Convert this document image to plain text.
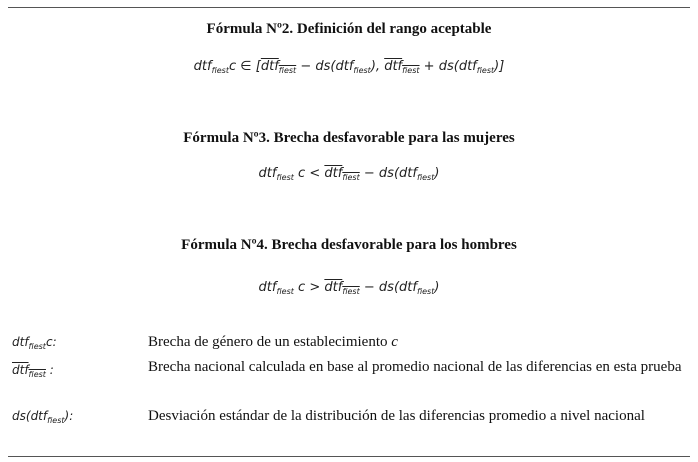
Fórmula Nº2. Definición del rango aceptable
dtf$_{fiest}$c ∈ [dtf$_{fiest}$ − ds(dtf$_{fiest}$), dtf$_{fiest}$ + ds(dtf$_{fiest}$)]
Fórmula Nº3. Brecha desfavorable para las mujeres
dtf$_{fiest}$ c < dtf$_{fiest}$ − ds(dtf$_{fiest}$)
Fórmula Nº4. Brecha desfavorable para los hombres
dtf$_{fiest}$ c > dtf$_{fiest}$ − ds(dtf$_{fiest}$)
dtf$_{fiest}$c:	Brecha de género de un establecimiento c
dtf$_{fiest}$ :	Brecha nacional calculada en base al promedio nacional de las diferencias en esta prueba
ds(dtf$_{fiest}$):	Desviación estándar de la distribución de las diferencias promedio a nivel nacional
